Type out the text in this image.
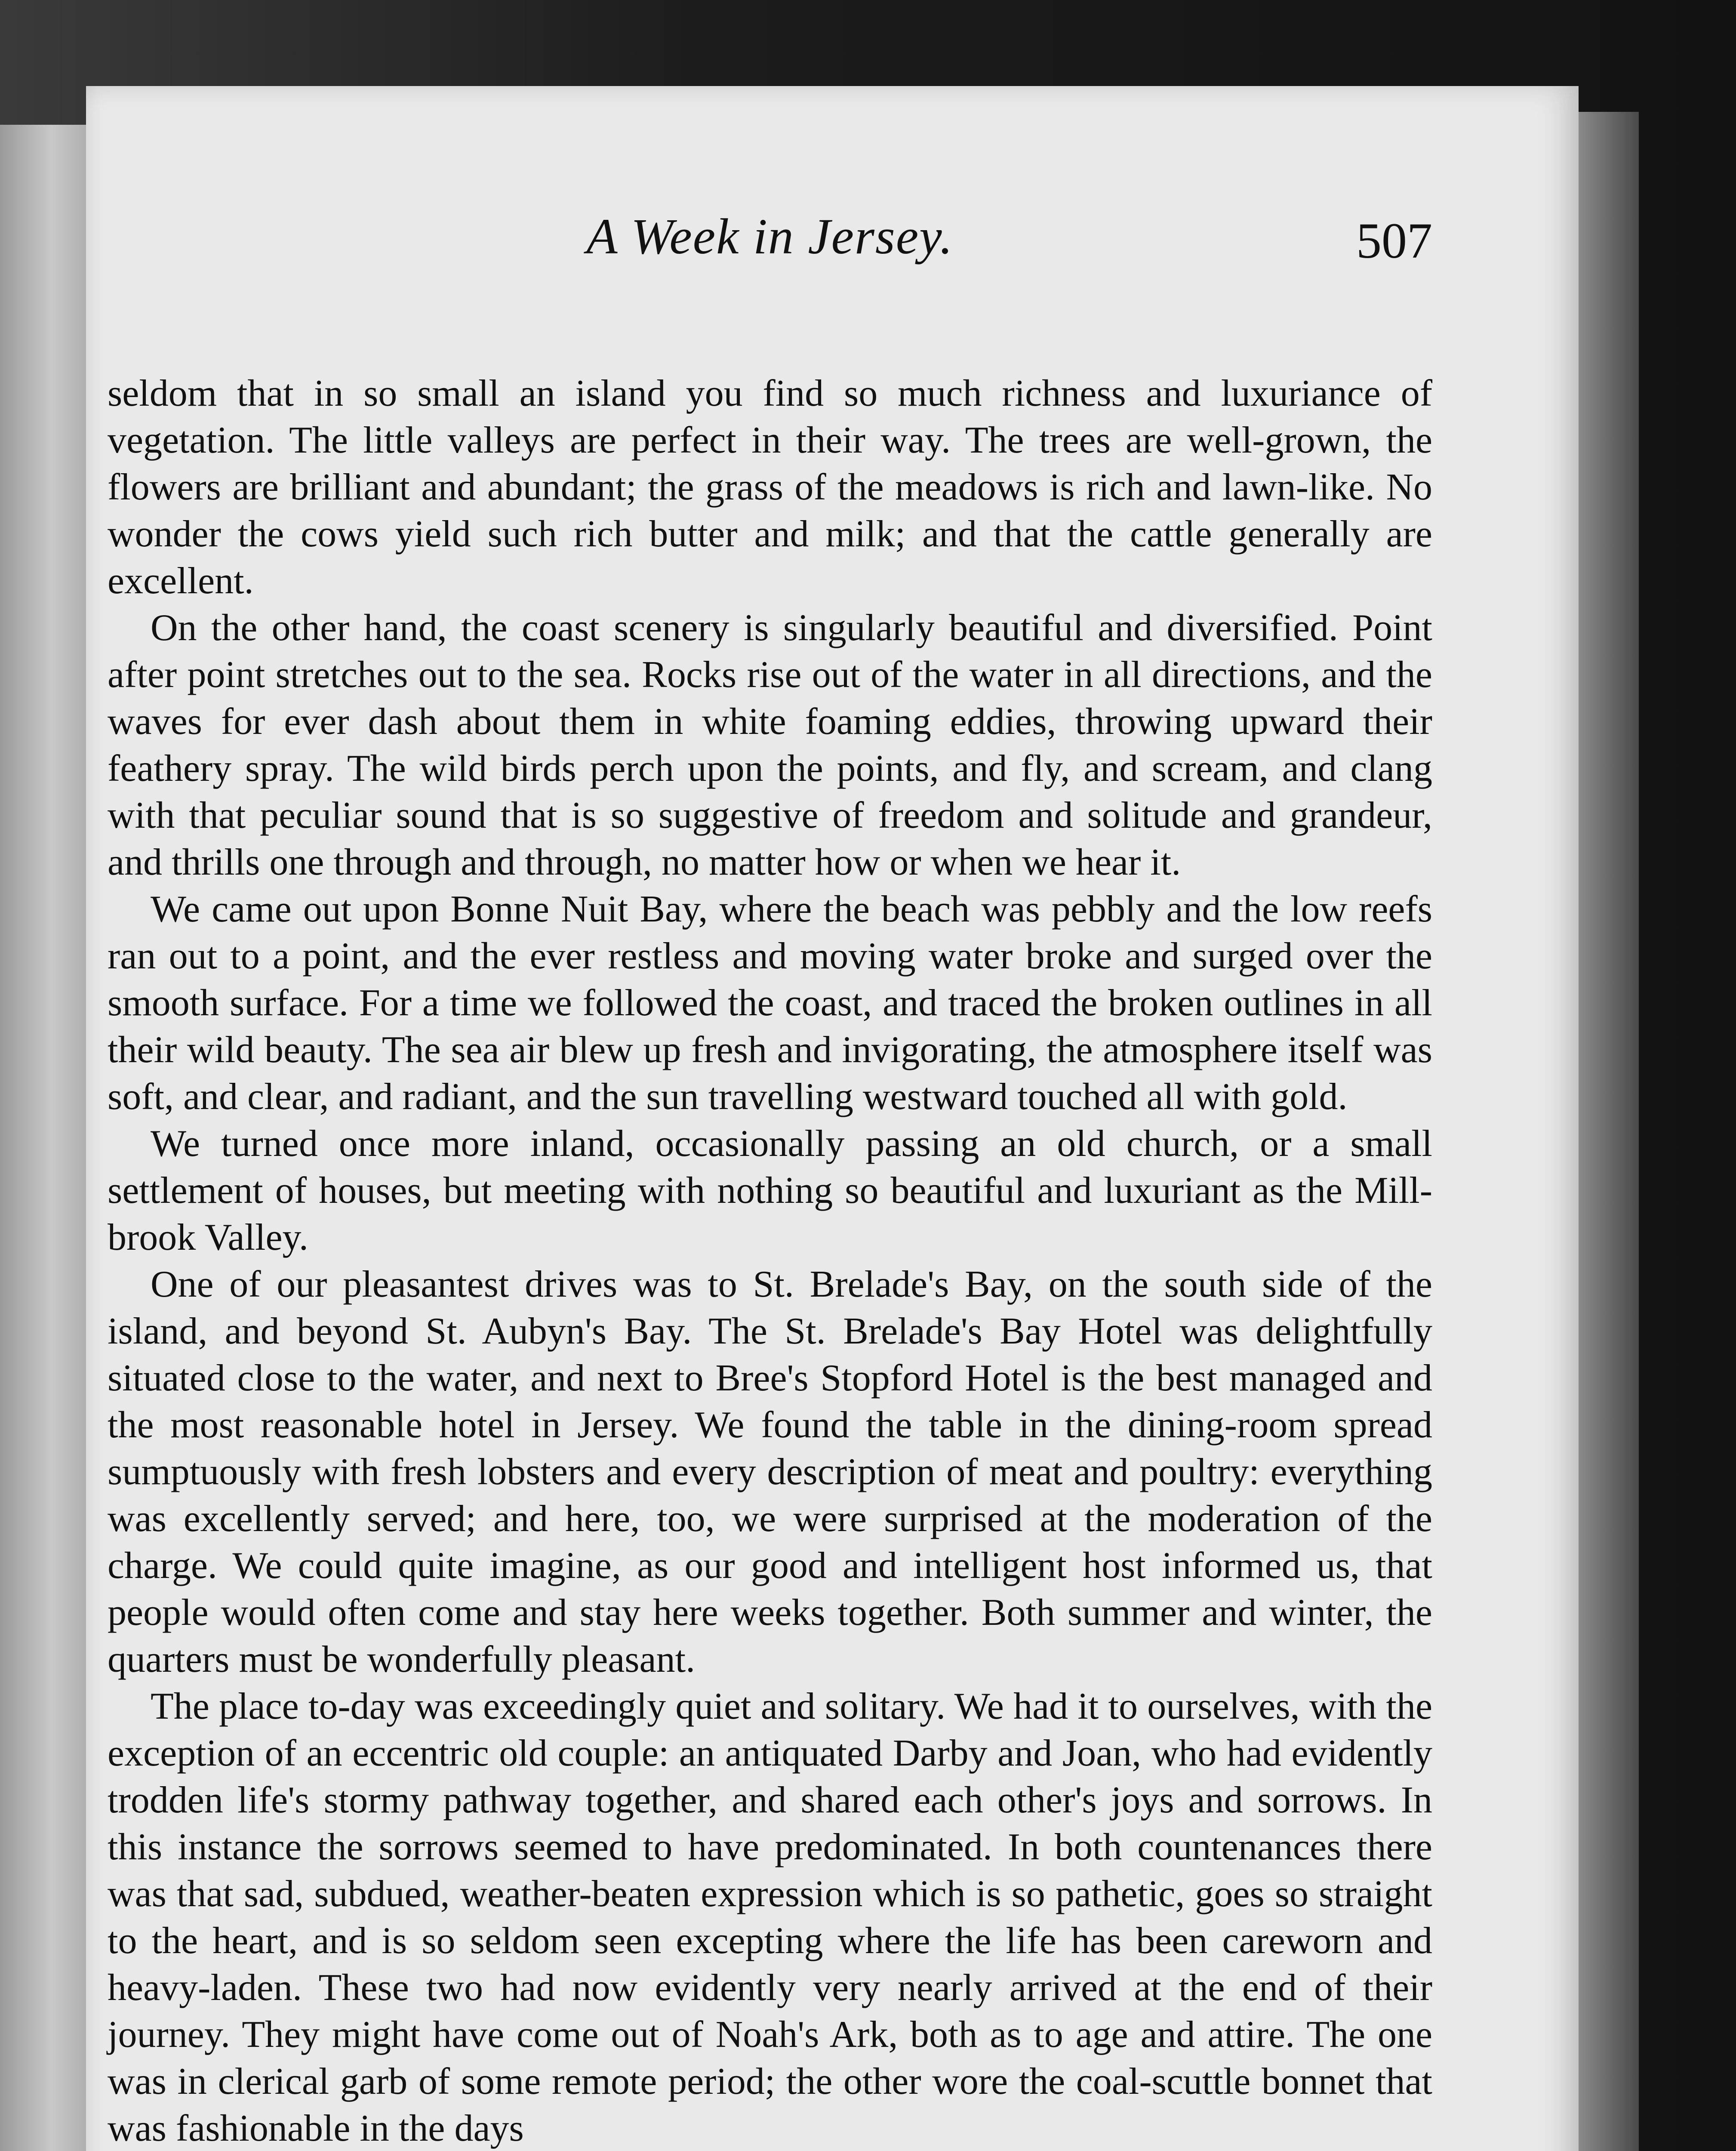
A Week in Jersey.	507

seldom that in so small an island you find so much richness and luxuriance of vegetation. The little valleys are perfect in their way. The trees are well-grown, the flowers are brilliant and abundant; the grass of the meadows is rich and lawn-like. No wonder the cows yield such rich butter and milk; and that the cattle generally are excellent.

On the other hand, the coast scenery is singularly beautiful and diversified. Point after point stretches out to the sea. Rocks rise out of the water in all directions, and the waves for ever dash about them in white foaming eddies, throwing upward their feathery spray. The wild birds perch upon the points, and fly, and scream, and clang with that peculiar sound that is so suggestive of freedom and solitude and grandeur, and thrills one through and through, no matter how or when we hear it.

We came out upon Bonne Nuit Bay, where the beach was pebbly and the low reefs ran out to a point, and the ever restless and moving water broke and surged over the smooth surface. For a time we followed the coast, and traced the broken outlines in all their wild beauty. The sea air blew up fresh and invigorating, the atmosphere itself was soft, and clear, and radiant, and the sun travelling westward touched all with gold.

We turned once more inland, occasionally passing an old church, or a small settlement of houses, but meeting with nothing so beautiful and luxuriant as the Mill-brook Valley.

One of our pleasantest drives was to St. Brelade's Bay, on the south side of the island, and beyond St. Aubyn's Bay. The St. Brelade's Bay Hotel was delightfully situated close to the water, and next to Bree's Stopford Hotel is the best managed and the most reasonable hotel in Jersey. We found the table in the dining-room spread sumptuously with fresh lobsters and every description of meat and poultry: everything was excellently served; and here, too, we were surprised at the moderation of the charge. We could quite imagine, as our good and intelligent host informed us, that people would often come and stay here weeks together. Both summer and winter, the quarters must be wonderfully pleasant.

The place to-day was exceedingly quiet and solitary. We had it to ourselves, with the exception of an eccentric old couple: an antiquated Darby and Joan, who had evidently trodden life's stormy pathway together, and shared each other's joys and sorrows. In this instance the sorrows seemed to have predominated. In both countenances there was that sad, subdued, weather-beaten expression which is so pathetic, goes so straight to the heart, and is so seldom seen excepting where the life has been careworn and heavy-laden. These two had now evidently very nearly arrived at the end of their journey. They might have come out of Noah's Ark, both as to age and attire. The one was in clerical garb of some remote period; the other wore the coal-scuttle bonnet that was fashionable in the days
